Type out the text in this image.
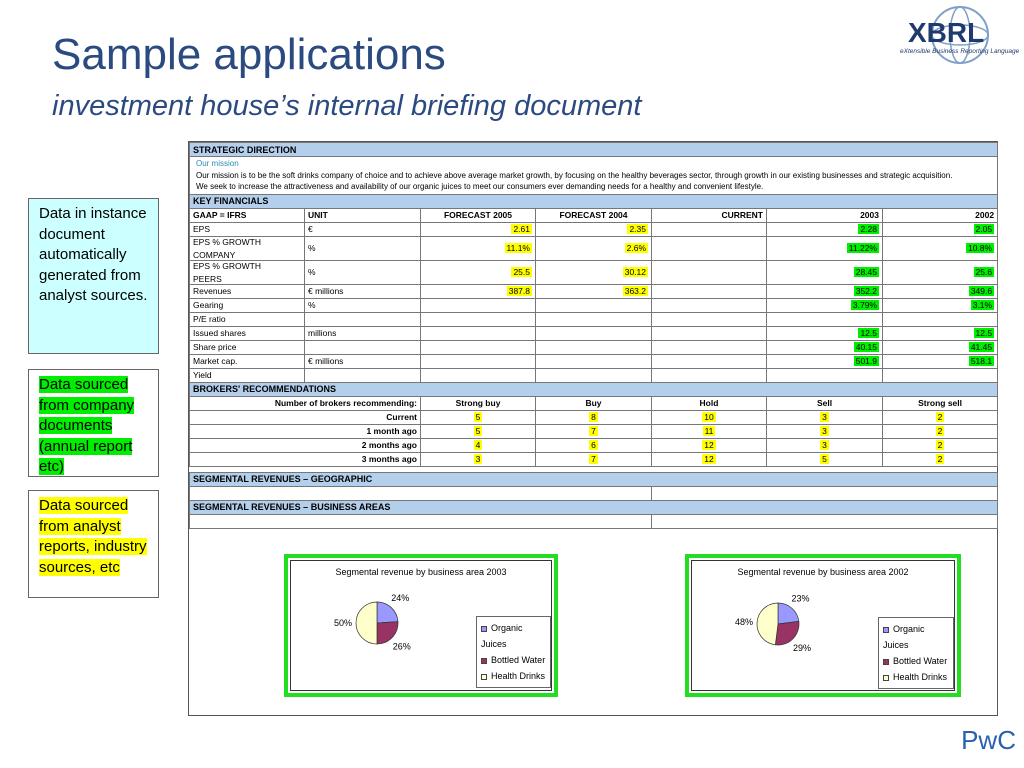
Sample applications
investment house’s internal briefing document
XBRL
eXtensible Business Reporting Language
Data in instance document automatically generated from analyst sources.
Data sourced from company documents (annual report etc)
Data sourced from analyst reports, industry sources, etc
STRATEGIC DIRECTION						

Our mission
Our mission is to be the soft drinks company of choice and to achieve above average market growth, by focusing on the healthy beverages sector, through growth in our existing businesses and strategic acquisition.
We seek to increase the attractiveness and availability of our organic juices to meet our consumers ever demanding needs for a healthy and convenient lifestyle.						

KEY FINANCIALS						
GAAP = IFRS	UNIT	FORECAST 2005	FORECAST 2004	CURRENT	2003	2002

EPS	€	2.61	2.35		2.28	2.05

EPS % GROWTH
COMPANY	%	11.1%	2.6%		11.22%	10.8%

EPS % GROWTH
PEERS	%	25.5	30.12		28.45	25.6

Revenues	€ millions	387.8	363.2		352.2	349.6

Gearing	%				3.79%	3.1%

P/E ratio						

Issued shares	millions				12.5	12.5

Share price					40.15	41.45

Market cap.	€ millions				501.9	518.1

Yield						

BROKERS' RECOMMENDATIONS						
Number of brokers recommending:		Strong buy	Buy	Hold	Sell	Strong sell
Current		5	8	10	3	2
1 month ago		5	7	11	3	2
2 months ago		4	6	12	3	2
3 months ago		3	7	12	5	2

SEGMENTAL REVENUES – GEOGRAPHIC						

SEGMENTAL REVENUES – BUSINESS AREAS						

Segmental revenue by business area 2003
24%
26%
50%	Organic Juices
Bottled Water
Health Drinks
Segmental revenue by business area 2002
23%
29%
48%
Organic Juices
Bottled Water
Health Drinks
PwC
